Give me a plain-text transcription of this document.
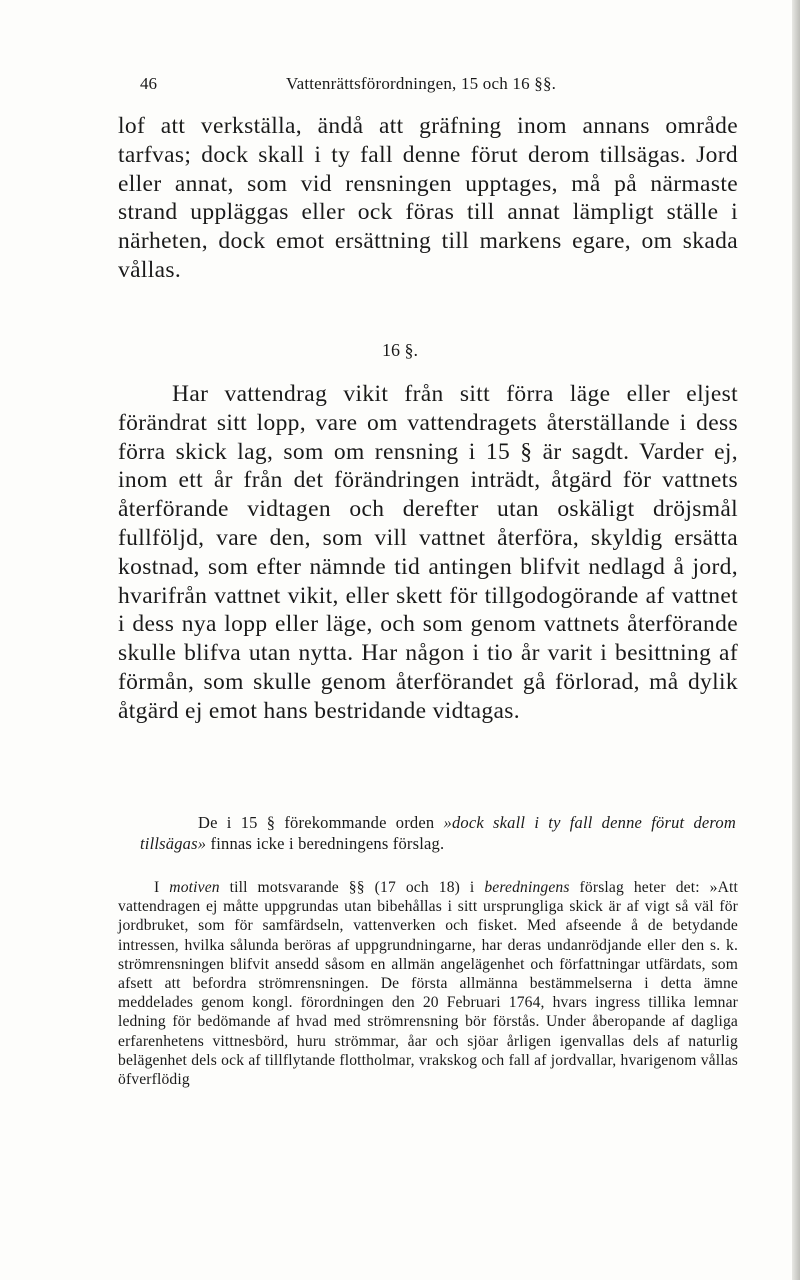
46	Vattenrättsförordningen, 15 och 16 §§.

lof att verkställa, ändå att gräfning inom annans område tarfvas; dock skall i ty fall denne förut derom tillsägas. Jord eller annat, som vid rensningen upptages, må på närmaste strand uppläggas eller ock föras till annat lämpligt ställe i närheten, dock emot ersättning till markens egare, om skada vållas.

16 §.

Har vattendrag vikit från sitt förra läge eller eljest förändrat sitt lopp, vare om vattendragets återställande i dess förra skick lag, som om rensning i 15 § är sagdt. Varder ej, inom ett år från det förändringen inträdt, åtgärd för vattnets återförande vidtagen och derefter utan oskäligt dröjsmål fullföljd, vare den, som vill vattnet återföra, skyldig ersätta kostnad, som efter nämnde tid antingen blifvit nedlagd å jord, hvarifrån vattnet vikit, eller skett för tillgodogörande af vattnet i dess nya lopp eller läge, och som genom vattnets återförande skulle blifva utan nytta. Har någon i tio år varit i besittning af förmån, som skulle genom återförandet gå förlorad, må dylik åtgärd ej emot hans bestridande vidtagas.

De i 15 § förekommande orden »dock skall i ty fall denne förut derom tillsägas» finnas icke i beredningens förslag.

I motiven till motsvarande §§ (17 och 18) i beredningens förslag heter det: »Att vattendragen ej måtte uppgrundas utan bibehållas i sitt ursprungliga skick är af vigt så väl för jordbruket, som för samfärdseln, vattenverken och fisket. Med afseende å de betydande intressen, hvilka sålunda beröras af uppgrundningarne, har deras undanrödjande eller den s. k. strömrensningen blifvit ansedd såsom en allmän angelägenhet och författningar utfärdats, som afsett att befordra strömrensningen. De första allmänna bestämmelserna i detta ämne meddelades genom kongl. förordningen den 20 Februari 1764, hvars ingress tillika lemnar ledning för bedömande af hvad med strömrensning bör förstås. Under åberopande af dagliga erfarenhetens vittnesbörd, huru strömmar, åar och sjöar årligen igenvallas dels af naturlig belägenhet dels ock af tillflytande flottholmar, vrakskog och fall af jordvallar, hvarigenom vållas öfverflödig
